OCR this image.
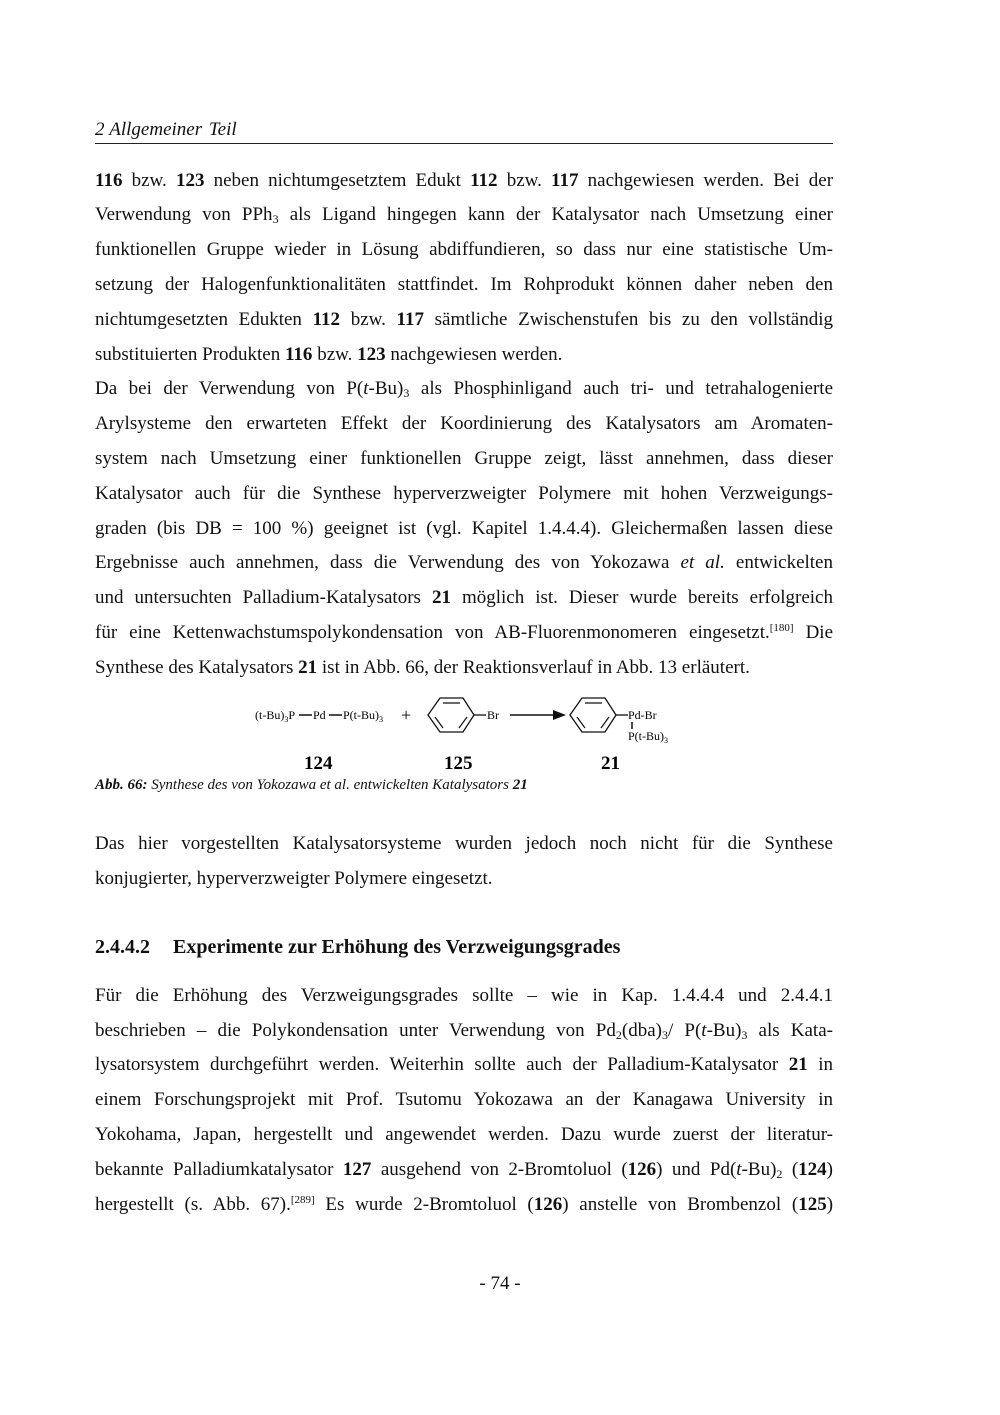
2 Allgemeiner Teil
116 bzw. 123 neben nichtumgesetztem Edukt 112 bzw. 117 nachgewiesen werden. Bei der
Verwendung von PPh$_3$ als Ligand hingegen kann der Katalysator nach Umsetzung einer
funktionellen Gruppe wieder in Lösung abdiffundieren, so dass nur eine statistische Um-
setzung der Halogenfunktionalitäten stattfindet. Im Rohprodukt können daher neben den
nichtumgesetzten Edukten 112 bzw. 117 sämtliche Zwischenstufen bis zu den vollständig
substituierten Produkten 116 bzw. 123 nachgewiesen werden.
Da bei der Verwendung von $P(t-Bu)_3$ als Phosphinligand auch tri- und tetrahalogenierte
Arylsysteme den erwarteten Effekt der Koordinierung des Katalysators am Aromaten-
system nach Umsetzung einer funktionellen Gruppe zeigt, lässt annehmen, dass dieser
Katalysator auch für die Synthese hyperverzweigter Polymere mit hohen Verzweigungs-
graden (bis DB = 100 %) geeignet ist (vgl. Kapitel 1.4.4.4). Gleichermaßen lassen diese
Ergebnisse auch annehmen, dass die Verwendung des von Yokozawa et al. entwickelten
und untersuchten Palladium-Katalysators 21 möglich ist. Dieser wurde bereits erfolgreich
für eine Kettenwachstumspolykondensation von AB-Fluorenmonomeren eingesetzt.[180] Die
Synthese des Katalysators 21 ist in Abb. 66, der Reaktionsverlauf in Abb. 13 erläutert.
$(t-Bu)_3P$ Pd $P(t-Bu)_3$ +	Br	Pd-Br
$P(t-Bu)_3$
124	125	21
Abb. 66: Synthese des von Yokozawa et al. entwickelten Katalysators 21
Das hier vorgestellten Katalysatorsysteme wurden jedoch noch nicht für die Synthese
konjugierter, hyperverzweigter Polymere eingesetzt.
2.4.4.2 Experimente zur Erhöhung des Verzweigungsgrades
Für die Erhöhung des Verzweigungsgrades sollte – wie in Kap. 1.4.4.4 und 2.4.4.1
beschrieben – die Polykondensation unter Verwendung von $Pd_2(dba)_3/$ $P(t-Bu)_3$ als Kata-
lysatorsystem durchgeführt werden. Weiterhin sollte auch der Palladium-Katalysator 21 in
einem Forschungsprojekt mit Prof. Tsutomu Yokozawa an der Kanagawa University in
Yokohama, Japan, hergestellt und angewendet werden. Dazu wurde zuerst der literatur-
bekannte Palladiumkatalysator 127 ausgehend von 2-Bromtoluol (126) und $Pd(t-Bu)_2$ (124)
hergestellt (s. Abb. 67).[289] Es wurde 2-Bromtoluol (126) anstelle von Brombenzol (125)
- 74 -
